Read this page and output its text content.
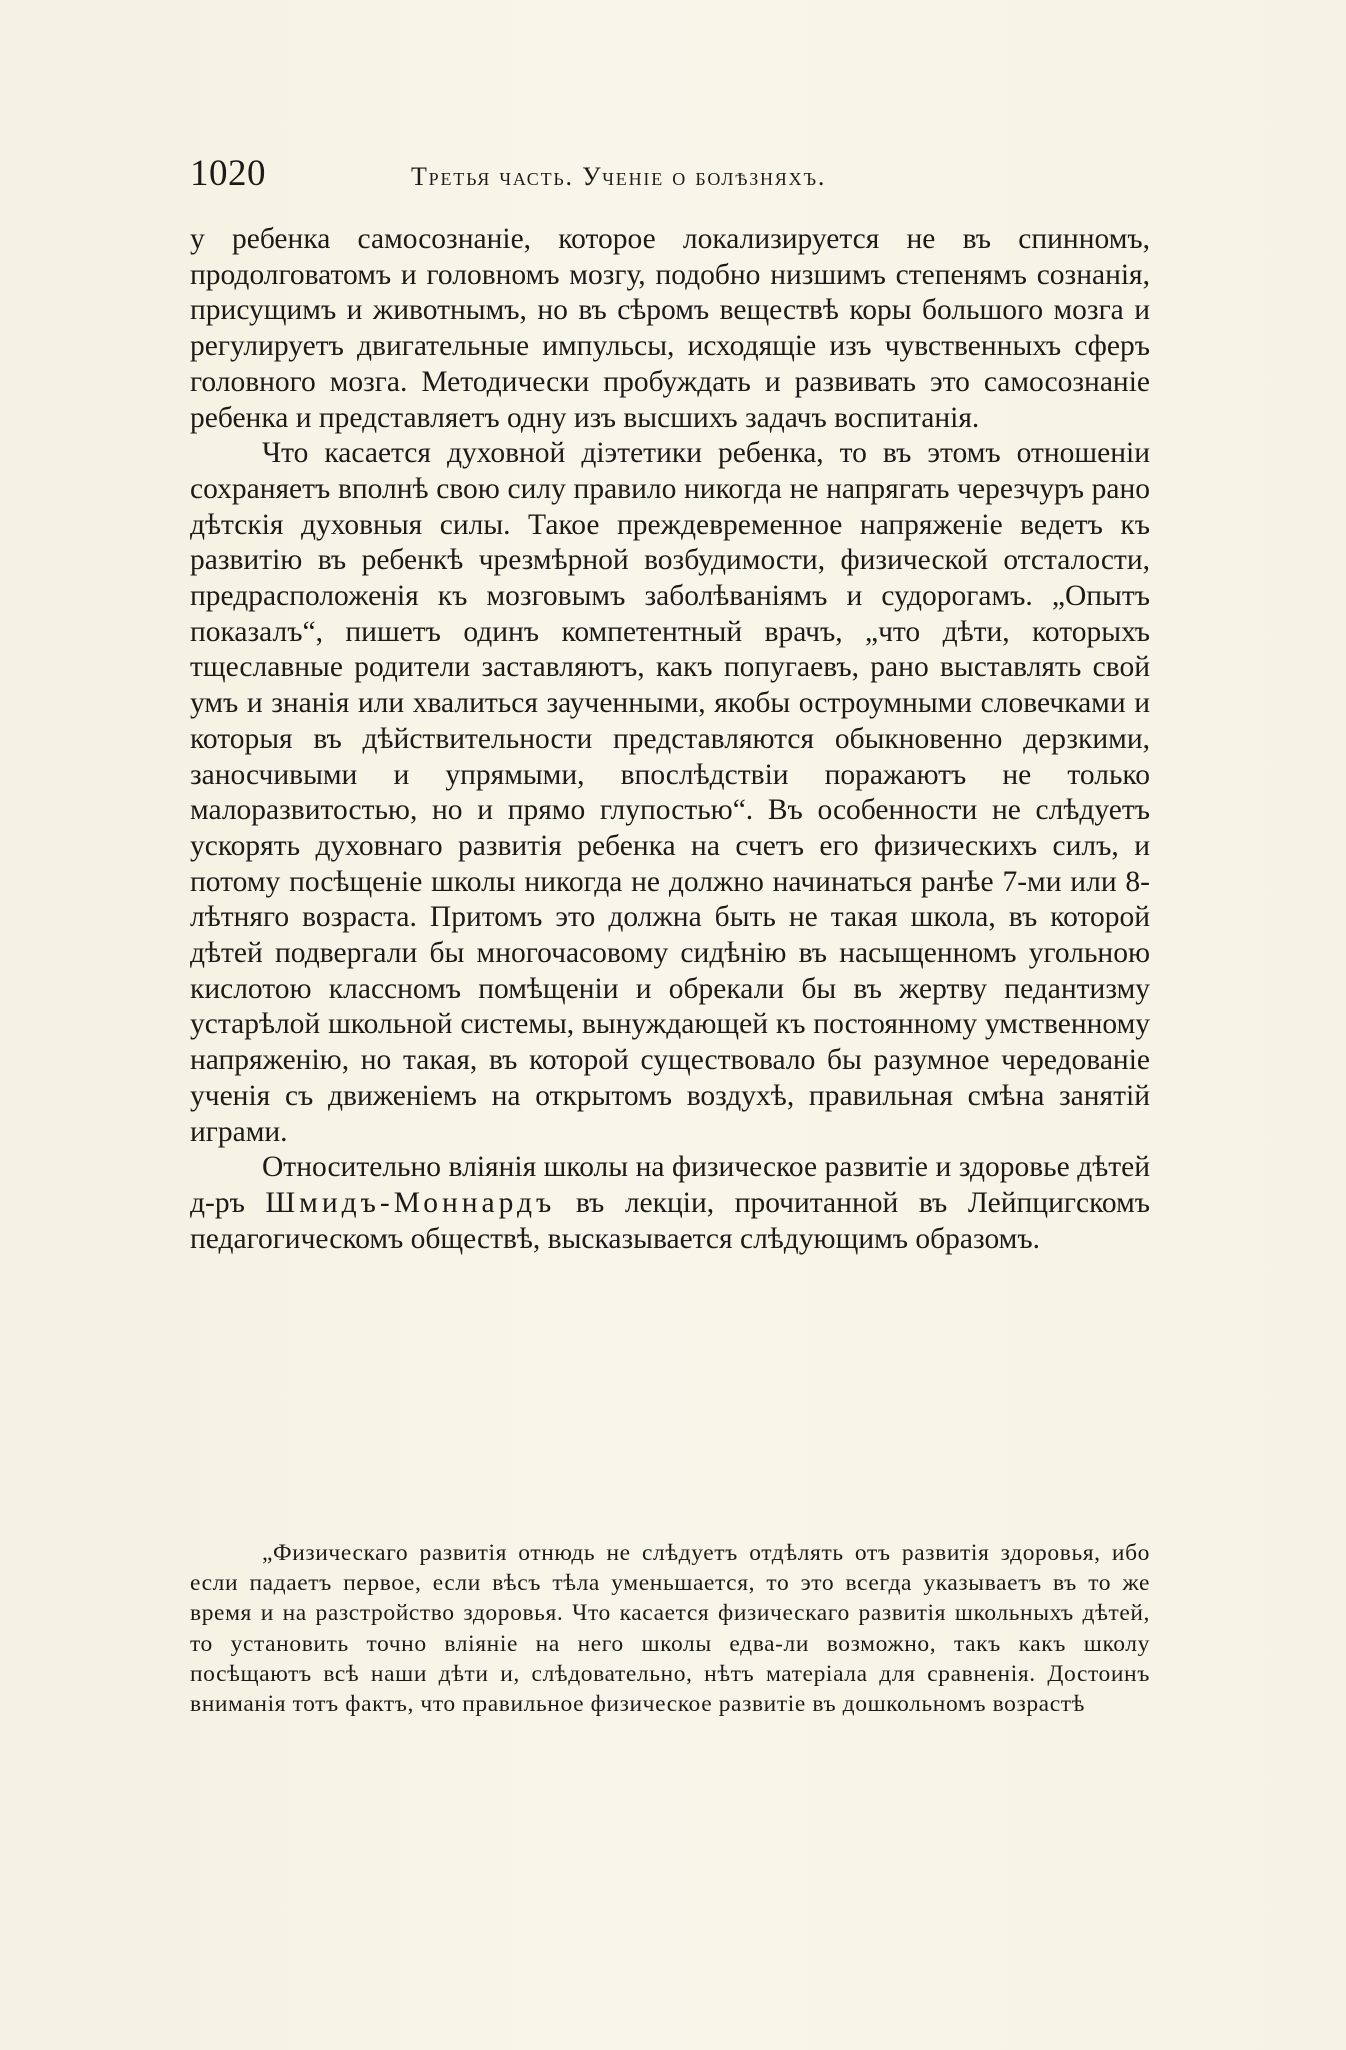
1020	Третья часть. Ученіе о болѣзняхъ.

у ребенка самосознаніе, которое локализируется не въ спинномъ, продолговатомъ и головномъ мозгу, подобно низшимъ степенямъ сознанія, присущимъ и животнымъ, но въ сѣромъ веществѣ коры большого мозга и регулируетъ двигательные импульсы, исходящіе изъ чувственныхъ сферъ головного мозга. Методически пробуждать и развивать это самосознаніе ребенка и представляетъ одну изъ высшихъ задачъ воспитанія.

Что касается духовной діэтетики ребенка, то въ этомъ отношеніи сохраняетъ вполнѣ свою силу правило никогда не напрягать черезчуръ рано дѣтскія духовныя силы. Такое преждевременное напряженіе ведетъ къ развитію въ ребенкѣ чрезмѣрной возбудимости, физической отсталости, предрасположенія къ мозговымъ заболѣваніямъ и судорогамъ. „Опытъ показалъ“, пишетъ одинъ компетентный врачъ, „что дѣти, которыхъ тщеславные родители заставляютъ, какъ попугаевъ, рано выставлять свой умъ и знанія или хвалиться заученными, якобы остроумными словечками и которыя въ дѣйствительности представляются обыкновенно дерзкими, заносчивыми и упрямыми, впослѣдствіи поражаютъ не только малоразвитостью, но и прямо глупостью“. Въ особенности не слѣдуетъ ускорять духовнаго развитія ребенка на счетъ его физическихъ силъ, и потому посѣщеніе школы никогда не должно начинаться ранѣе 7-ми или 8-лѣтняго возраста. Притомъ это должна быть не такая школа, въ которой дѣтей подвергали бы многочасовому сидѣнію въ насыщенномъ угольною кислотою классномъ помѣщеніи и обрекали бы въ жертву педантизму устарѣлой школьной системы, вынуждающей къ постоянному умственному напряженію, но такая, въ которой существовало бы разумное чередованіе ученія съ движеніемъ на открытомъ воздухѣ, правильная смѣна занятій играми.

Относительно вліянія школы на физическое развитіе и здоровье дѣтей д-ръ Шмидъ-Моннардъ въ лекціи, прочитанной въ Лейпцигскомъ педагогическомъ обществѣ, высказывается слѣдующимъ образомъ.

„Физическаго развитія отнюдь не слѣдуетъ отдѣлять отъ развитія здоровья, ибо если падаетъ первое, если вѣсъ тѣла уменьшается, то это всегда указываетъ въ то же время и на разстройство здоровья. Что касается физическаго развитія школьныхъ дѣтей, то установить точно вліяніе на него школы едва-ли возможно, такъ какъ школу посѣщаютъ всѣ наши дѣти и, слѣдовательно, нѣтъ матеріала для сравненія. Достоинъ вниманія тотъ фактъ, что правильное физическое развитіе въ дошкольномъ возрастѣ
